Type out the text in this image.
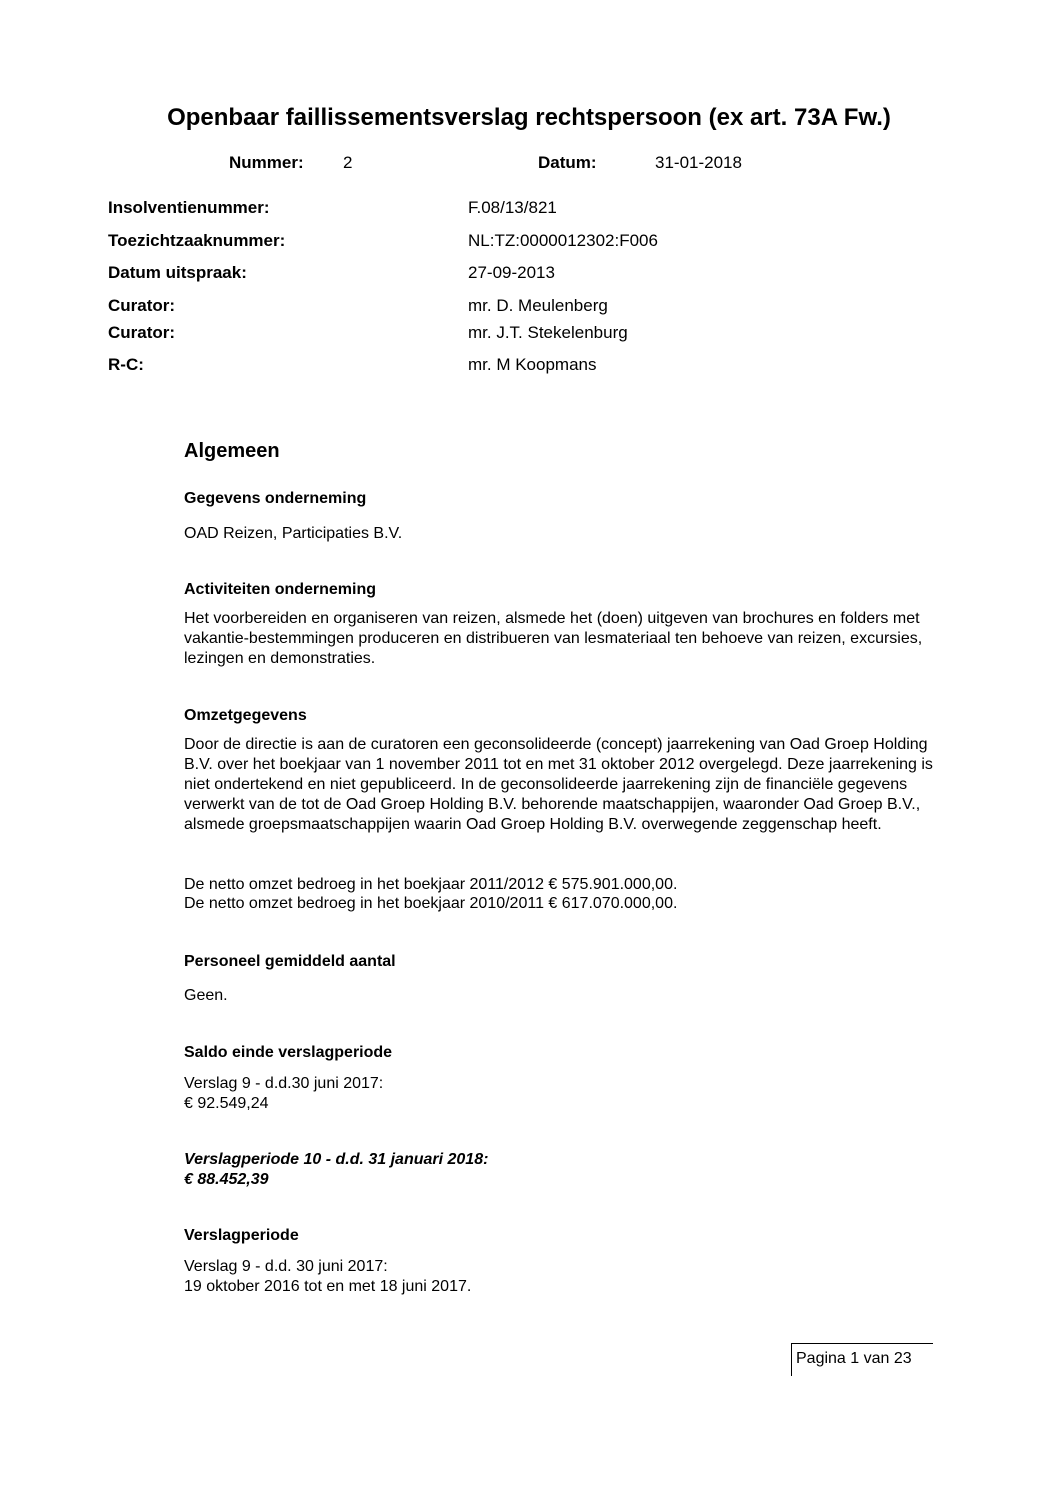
Openbaar faillissementsverslag rechtspersoon (ex art. 73A Fw.)
Nummer: 2	Datum:	31-01-2018
Insolventienummer:	F.08/13/821
Toezichtzaaknummer:	NL:TZ:0000012302:F006
Datum uitspraak:	27-09-2013
Curator:	mr. D. Meulenberg
Curator:	mr. J.T. Stekelenburg
R-C:	mr. M Koopmans
Algemeen
Gegevens onderneming
OAD Reizen, Participaties B.V.
Activiteiten onderneming
Het voorbereiden en organiseren van reizen, alsmede het (doen) uitgeven van brochures en folders met vakantie-bestemmingen produceren en distribueren van lesmateriaal ten behoeve van reizen, excursies, lezingen en demonstraties.
Omzetgegevens
Door de directie is aan de curatoren een geconsolideerde (concept) jaarrekening van Oad Groep Holding B.V. over het boekjaar van 1 november 2011 tot en met 31 oktober 2012 overgelegd. Deze jaarrekening is niet ondertekend en niet gepubliceerd. In de geconsolideerde jaarrekening zijn de financiële gegevens verwerkt van de tot de Oad Groep Holding B.V. behorende maatschappijen, waaronder Oad Groep B.V., alsmede groepsmaatschappijen waarin Oad Groep Holding B.V. overwegende zeggenschap heeft.
De netto omzet bedroeg in het boekjaar 2011/2012 € 575.901.000,00.
De netto omzet bedroeg in het boekjaar 2010/2011 € 617.070.000,00.
Personeel gemiddeld aantal
Geen.
Saldo einde verslagperiode
Verslag 9 - d.d.30 juni 2017:
€ 92.549,24
Verslagperiode 10 - d.d. 31 januari 2018:
€ 88.452,39
Verslagperiode
Verslag 9 - d.d. 30 juni 2017:
19 oktober 2016 tot en met 18 juni 2017.
Pagina 1 van 23
